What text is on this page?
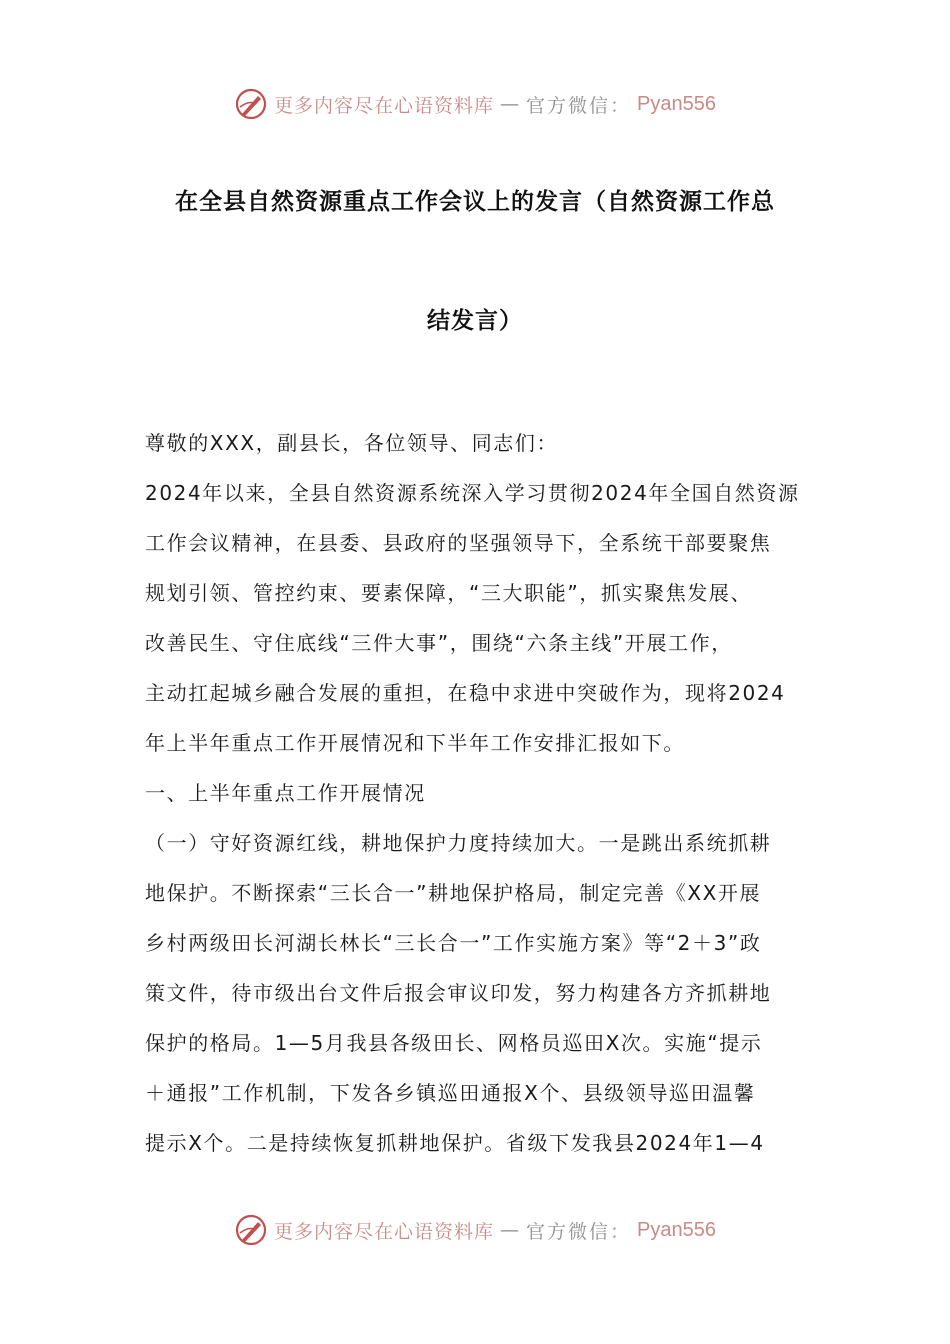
更多内容尽在心语资料库 — 官方微信： Pyan556
在全县自然资源重点工作会议上的发言（自然资源工作总
结发言）
尊敬的XXX，副县长，各位领导、同志们：
2024年以来，全县自然资源系统深入学习贯彻2024年全国自然资源
工作会议精神，在县委、县政府的坚强领导下，全系统干部要聚焦
规划引领、管控约束、要素保障，“三大职能”，抓实聚焦发展、
改善民生、守住底线“三件大事”，围绕“六条主线”开展工作，
主动扛起城乡融合发展的重担，在稳中求进中突破作为，现将2024
年上半年重点工作开展情况和下半年工作安排汇报如下。
一、上半年重点工作开展情况
（一）守好资源红线，耕地保护力度持续加大。一是跳出系统抓耕
地保护。不断探索“三长合一”耕地保护格局，制定完善《XX开展
乡村两级田长河湖长林长“三长合一”工作实施方案》等“2＋3”政
策文件，待市级出台文件后报会审议印发，努力构建各方齐抓耕地
保护的格局。1—5月我县各级田长、网格员巡田X次。实施“提示
＋通报”工作机制，下发各乡镇巡田通报X个、县级领导巡田温馨
提示X个。二是持续恢复抓耕地保护。省级下发我县2024年1—4
更多内容尽在心语资料库 — 官方微信： Pyan556
